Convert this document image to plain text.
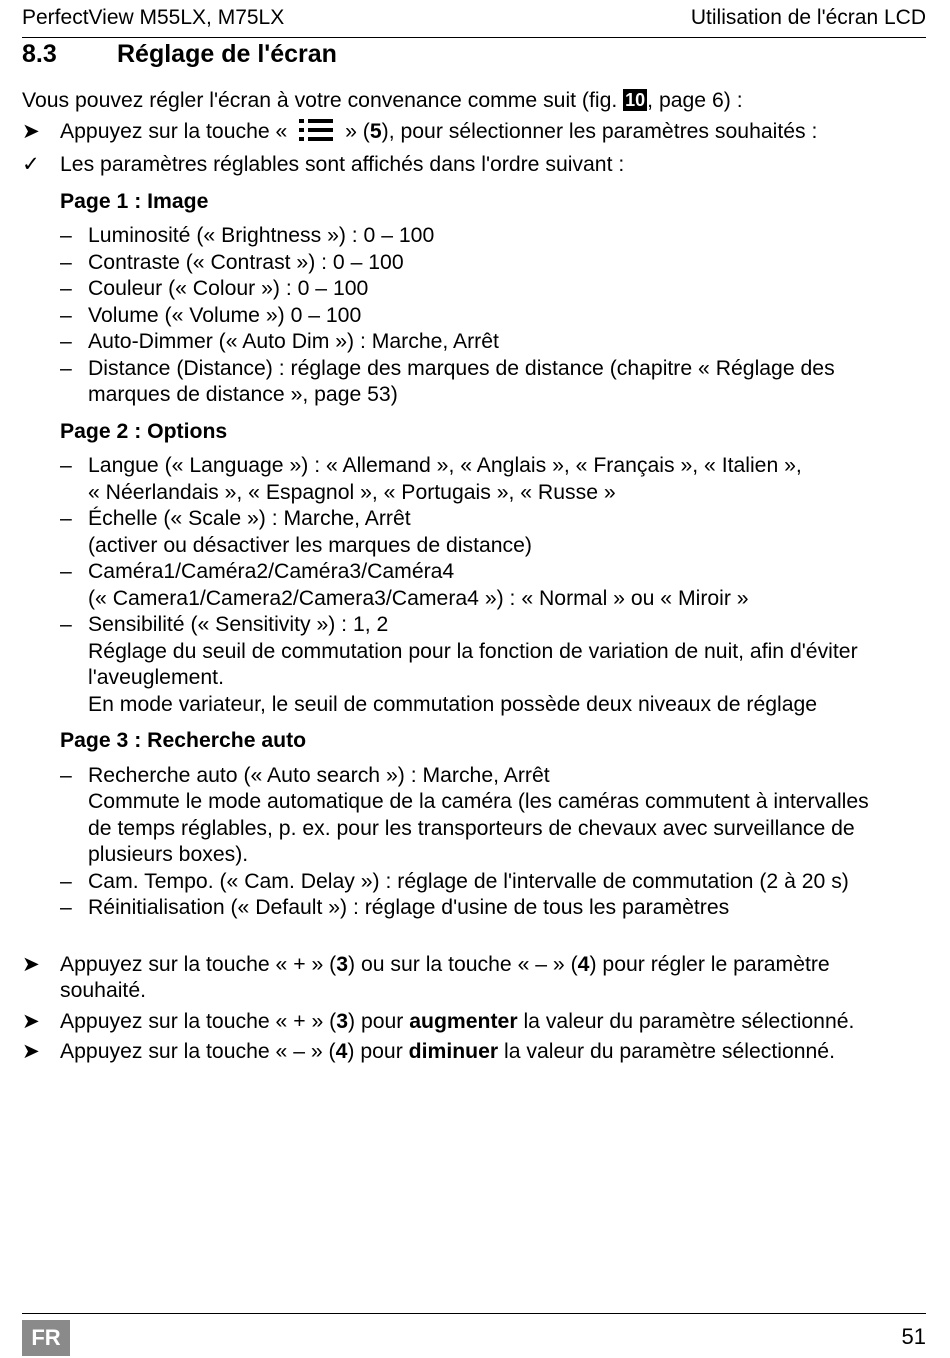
PerfectView M55LX, M75LX	Utilisation de l'écran LCD
8.3 Réglage de l'écran

Vous pouvez régler l'écran à votre convenance comme suit (fig. 10, page 6) :

➤ Appuyez sur la touche «  » (5), pour sélectionner les paramètres souhaités :

✓ Les paramètres réglables sont affichés dans l'ordre suivant :

Page 1 : Image

– Luminosité (« Brightness ») : 0 – 100

– Contraste (« Contrast ») : 0 – 100

– Couleur (« Colour ») : 0 – 100

– Volume (« Volume ») 0 – 100

– Auto-Dimmer (« Auto Dim ») : Marche, Arrêt

– Distance (Distance) : réglage des marques de distance (chapitre « Réglage des

marques de distance », page 53)

Page 2 : Options

– Langue (« Language ») : « Allemand », « Anglais », « Français », « Italien »,

« Néerlandais », « Espagnol », « Portugais », « Russe »

– Échelle (« Scale ») : Marche, Arrêt

(activer ou désactiver les marques de distance)

– Caméra1/Caméra2/Caméra3/Caméra4

(« Camera1/Camera2/Camera3/Camera4 ») : « Normal » ou « Miroir »

– Sensibilité (« Sensitivity ») : 1, 2

Réglage du seuil de commutation pour la fonction de variation de nuit, afin d'éviter

l'aveuglement.

En mode variateur, le seuil de commutation possède deux niveaux de réglage

Page 3 : Recherche auto

– Recherche auto (« Auto search ») : Marche, Arrêt

Commute le mode automatique de la caméra (les caméras commutent à intervalles

de temps réglables, p. ex. pour les transporteurs de chevaux avec surveillance de

plusieurs boxes).

– Cam. Tempo. (« Cam. Delay ») : réglage de l'intervalle de commutation (2 à 20 s)

– Réinitialisation (« Default ») : réglage d'usine de tous les paramètres

➤ Appuyez sur la touche « + » (3) ou sur la touche « – » (4) pour régler le paramètre
souhaité.

➤ Appuyez sur la touche « + » (3) pour augmenter la valeur du paramètre sélectionné.

➤ Appuyez sur la touche « – » (4) pour diminuer la valeur du paramètre sélectionné.

FR	51
